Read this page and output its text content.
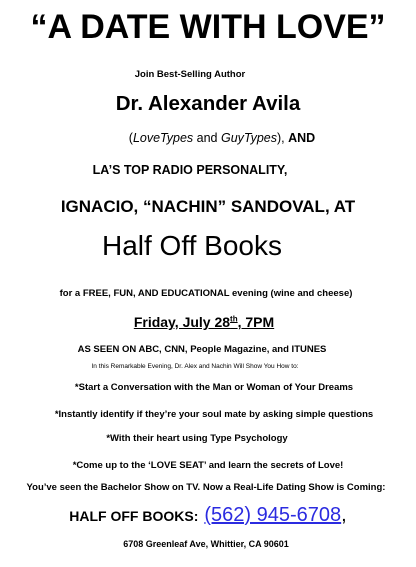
“A DATE WITH LOVE”
Join Best-Selling Author
Dr. Alexander Avila
(LoveTypes and GuyTypes), AND
LA’S TOP RADIO PERSONALITY,
IGNACIO, “NACHIN” SANDOVAL, AT
Half Off Books
for a FREE, FUN, AND EDUCATIONAL evening (wine and cheese)
Friday, July 28th, 7PM
AS SEEN ON ABC, CNN, People Magazine, and ITUNES
In this Remarkable Evening, Dr. Alex and Nachin Will Show You How to:
*Start a Conversation with the Man or Woman of Your Dreams
*Instantly identify if they’re your soul mate by asking simple questions
*With their heart using Type Psychology
*Come up to the ‘LOVE SEAT’ and learn the secrets of Love!
You’ve seen the Bachelor Show on TV. Now a Real-Life Dating Show is Coming:
HALF OFF BOOKS: (562) 945-6708,
6708 Greenleaf Ave, Whittier, CA 90601
